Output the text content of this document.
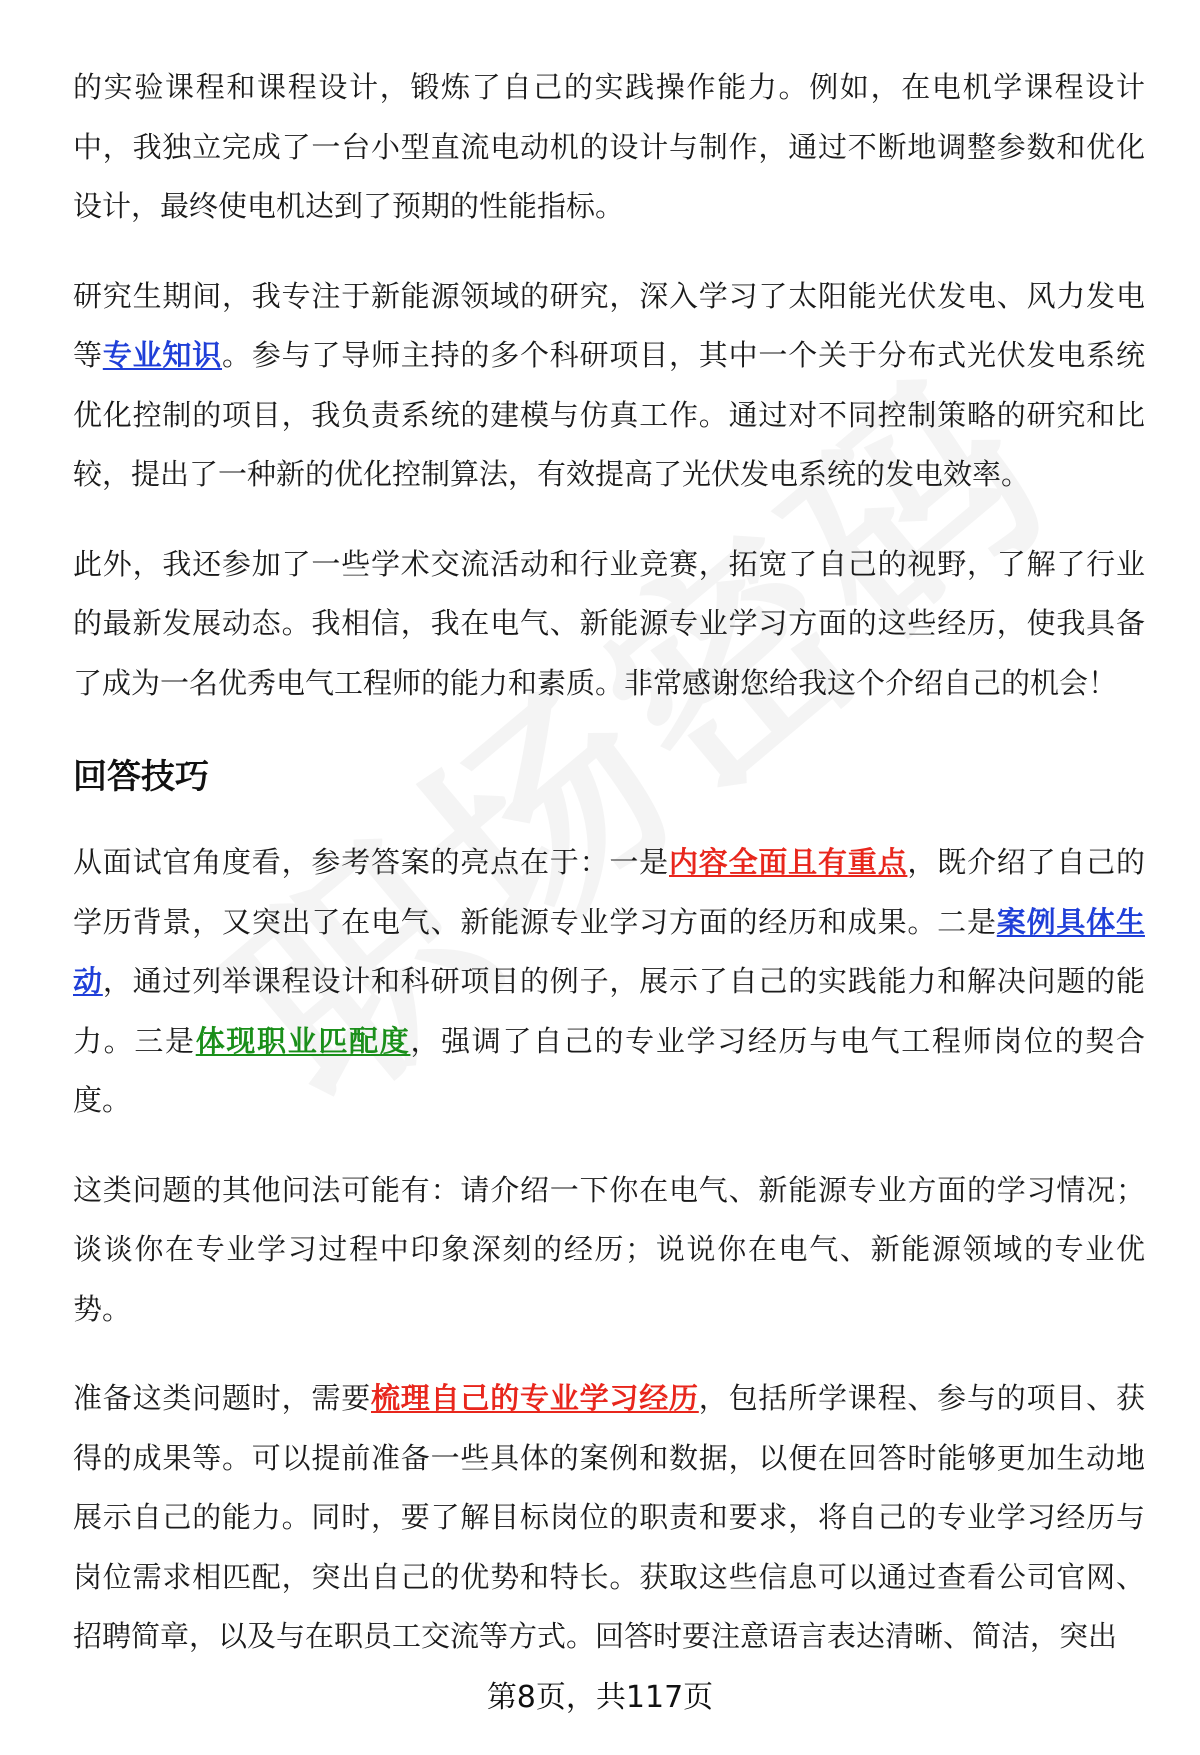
的实验课程和课程设计，锻炼了自己的实践操作能力。例如，在电机学课程设计中，我独立完成了一台小型直流电动机的设计与制作，通过不断地调整参数和优化设计，最终使电机达到了预期的性能指标。

研究生期间，我专注于新能源领域的研究，深入学习了太阳能光伏发电、风力发电等专业知识。参与了导师主持的多个科研项目，其中一个关于分布式光伏发电系统优化控制的项目，我负责系统的建模与仿真工作。通过对不同控制策略的研究和比较，提出了一种新的优化控制算法，有效提高了光伏发电系统的发电效率。

此外，我还参加了一些学术交流活动和行业竞赛，拓宽了自己的视野，了解了行业的最新发展动态。我相信，我在电气、新能源专业学习方面的这些经历，使我具备了成为一名优秀电气工程师的能力和素质。非常感谢您给我这个介绍自己的机会！

回答技巧

从面试官角度看，参考答案的亮点在于：一是内容全面且有重点，既介绍了自己的学历背景，又突出了在电气、新能源专业学习方面的经历和成果。二是案例具体生动，通过列举课程设计和科研项目的例子，展示了自己的实践能力和解决问题的能力。三是体现职业匹配度，强调了自己的专业学习经历与电气工程师岗位的契合度。

这类问题的其他问法可能有：请介绍一下你在电气、新能源专业方面的学习情况；谈谈你在专业学习过程中印象深刻的经历；说说你在电气、新能源领域的专业优势。

准备这类问题时，需要梳理自己的专业学习经历，包括所学课程、参与的项目、获得的成果等。可以提前准备一些具体的案例和数据，以便在回答时能够更加生动地展示自己的能力。同时，要了解目标岗位的职责和要求，将自己的专业学习经历与岗位需求相匹配，突出自己的优势和特长。获取这些信息可以通过查看公司官网、招聘简章，以及与在职员工交流等方式。回答时要注意语言表达清晰、简洁，突出

第8页，共117页
